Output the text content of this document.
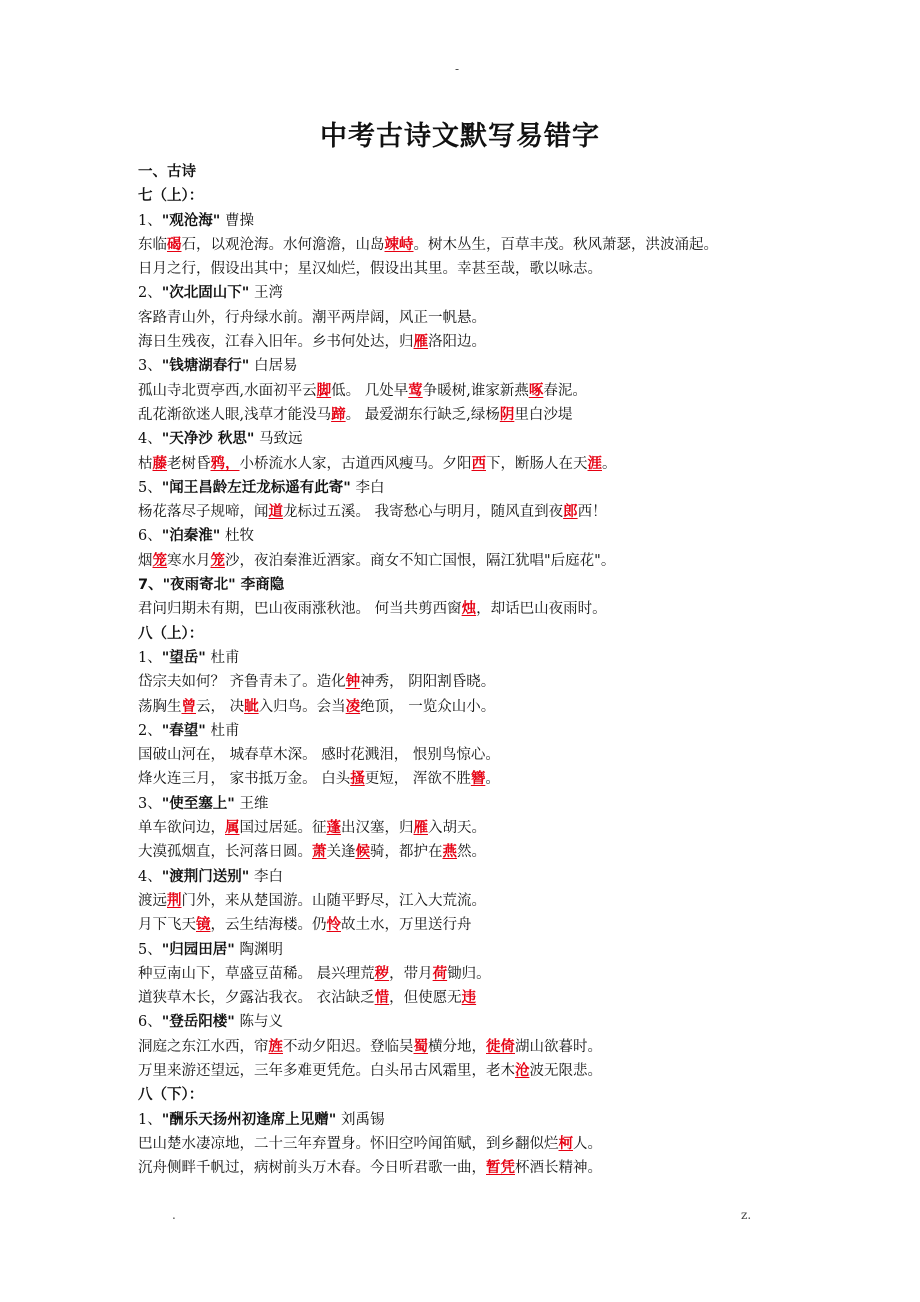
-
中考古诗文默写易错字
一、古诗
七（上）：
1、"观沧海" 曹操
东临碣石，以观沧海。水何澹澹，山岛竦峙。树木丛生，百草丰茂。秋风萧瑟，洪波涌起。
日月之行，假设出其中；星汉灿烂，假设出其里。幸甚至哉，歌以咏志。
2、"次北固山下" 王湾
客路青山外，行舟绿水前。潮平两岸阔，风正一帆悬。
海日生残夜，江春入旧年。乡书何处达，归雁洛阳边。
3、"钱塘湖春行" 白居易
孤山寺北贾亭西,水面初平云脚低。 几处早莺争暖树,谁家新燕啄春泥。
乱花渐欲迷人眼,浅草才能没马蹄。 最爱湖东行缺乏,绿杨阴里白沙堤
4、"天净沙 秋思" 马致远
枯藤老树昏鸦，小桥流水人家，古道西风瘦马。夕阳西下，断肠人在天涯。
5、"闻王昌龄左迁龙标遥有此寄" 李白
杨花落尽子规啼，闻道龙标过五溪。 我寄愁心与明月，随风直到夜郎西！
6、"泊秦淮" 杜牧
烟笼寒水月笼沙，夜泊秦淮近酒家。商女不知亡国恨，隔江犹唱"后庭花"。
7、"夜雨寄北" 李商隐
君问归期未有期，巴山夜雨涨秋池。 何当共剪西窗烛，却话巴山夜雨时。
八（上）：
1、"望岳" 杜甫
岱宗夫如何？ 齐鲁青未了。造化钟神秀， 阴阳割昏晓。
荡胸生曾云， 决眦入归鸟。会当凌绝顶， 一览众山小。
2、"春望" 杜甫
国破山河在， 城春草木深。 感时花溅泪， 恨别鸟惊心。
烽火连三月， 家书抵万金。 白头搔更短， 浑欲不胜簪。
3、"使至塞上" 王维
单车欲问边，属国过居延。征蓬出汉塞，归雁入胡天。
大漠孤烟直，长河落日圆。萧关逢候骑，都护在燕然。
4、"渡荆门送别" 李白
渡远荆门外，来从楚国游。山随平野尽，江入大荒流。
月下飞天镜，云生结海楼。仍怜故土水，万里送行舟
5、"归园田居" 陶渊明
种豆南山下，草盛豆苗稀。 晨兴理荒秽，带月荷锄归。
道狭草木长，夕露沾我衣。 衣沾缺乏惜，但使愿无违
6、"登岳阳楼" 陈与义
洞庭之东江水西，帘旌不动夕阳迟。登临吴蜀横分地，徙倚湖山欲暮时。
万里来游还望远，三年多难更凭危。白头吊古风霜里，老木沧波无限悲。
八（下）：
1、"酬乐天扬州初逢席上见赠" 刘禹锡
巴山楚水凄凉地，二十三年弃置身。怀旧空吟闻笛赋，到乡翻似烂柯人。
沉舟侧畔千帆过，病树前头万木春。今日听君歌一曲，暂凭杯酒长精神。
.	z.
